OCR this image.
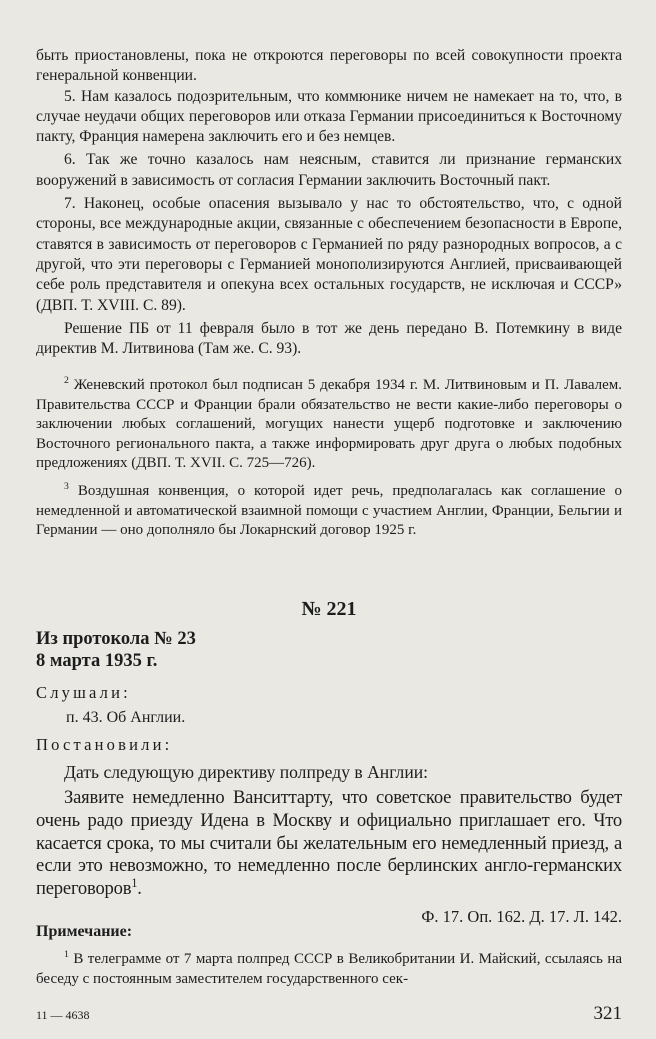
быть приостановлены, пока не откроются переговоры по всей совокупности проекта генеральной конвенции.

5. Нам казалось подозрительным, что коммюнике ничем не намекает на то, что, в случае неудачи общих переговоров или отказа Германии присоединиться к Восточному пакту, Франция намерена заключить его и без немцев.

6. Так же точно казалось нам неясным, ставится ли признание германских вооружений в зависимость от согласия Германии заключить Восточный пакт.

7. Наконец, особые опасения вызывало у нас то обстоятельство, что, с одной стороны, все международные акции, связанные с обеспечением безопасности в Европе, ставятся в зависимость от переговоров с Германией по ряду разнородных вопросов, а с другой, что эти переговоры с Германией монополизируются Англией, присваивающей себе роль представителя и опекуна всех остальных государств, не исключая и СССР» (ДВП. Т. XVIII. С. 89).

Решение ПБ от 11 февраля было в тот же день передано В. Потемкину в виде директив М. Литвинова (Там же. С. 93).

$^2$ Женевский протокол был подписан 5 декабря 1934 г. М. Литвиновым и П. Лавалем. Правительства СССР и Франции брали обязательство не вести какие-либо переговоры о заключении любых соглашений, могущих нанести ущерб подготовке и заключению Восточного регионального пакта, а также информировать друг друга о любых подобных предложениях (ДВП. Т. XVII. С. 725—726).

$^3$ Воздушная конвенция, о которой идет речь, предполагалась как соглашение о немедленной и автоматической взаимной помощи с участием Англии, Франции, Бельгии и Германии — оно дополняло бы Локарнский договор 1925 г.

№ 221
Из протокола № 23
8 марта 1935 г.
Слушали:
п. 43. Об Англии.
Постановили:

Дать следующую директиву полпреду в Англии:

Заявите немедленно Ванситтарту, что советское правительство будет очень радо приезду Идена в Москву и официально приглашает его. Что касается срока, то мы считали бы желательным его немедленный приезд, а если это невозможно, то немедленно после берлинских англо-германских переговоров$^1$.

Ф. 17. Оп. 162. Д. 17. Л. 142.
Примечание:

$^1$ В телеграмме от 7 марта полпред СССР в Великобритании И. Майский, ссылаясь на беседу с постоянным заместителем государственного сек-

11 — 4638	321
